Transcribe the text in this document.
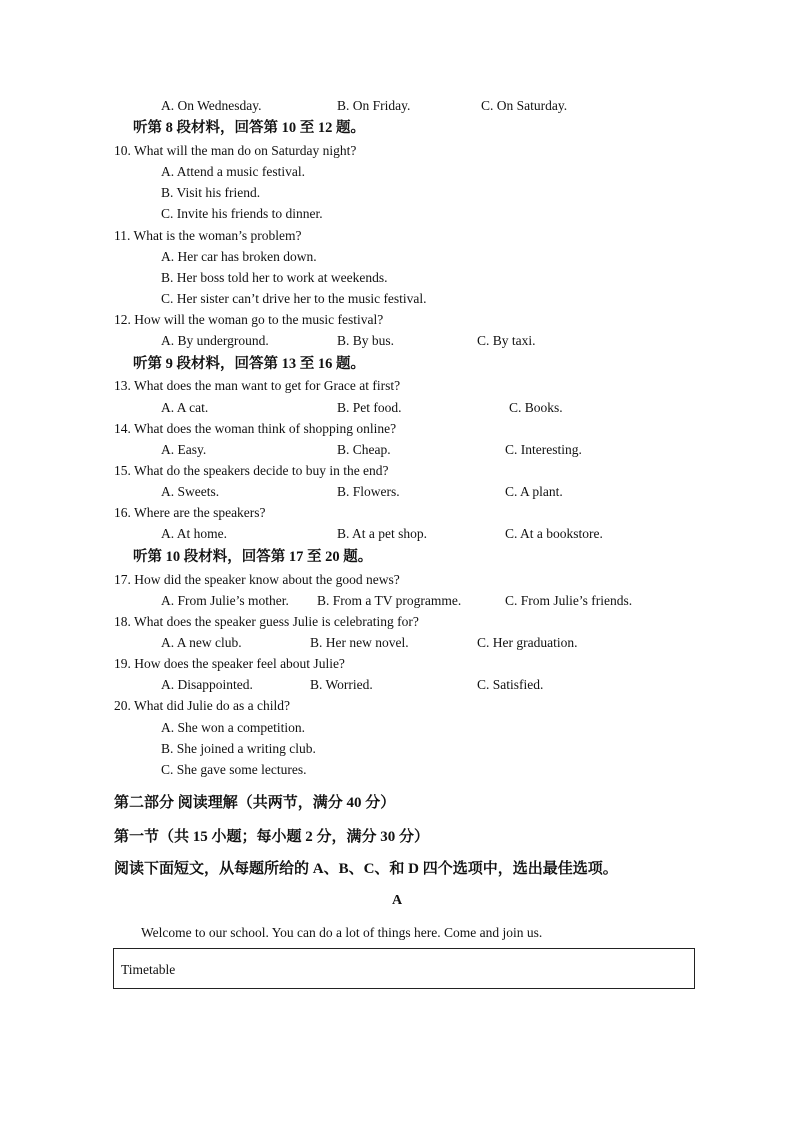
A. On Wednesday.	B. On Friday.	C. On Saturday.
听第 8 段材料，回答第 10 至 12 题。
10. What will the man do on Saturday night?
A. Attend a music festival.
B. Visit his friend.
C. Invite his friends to dinner.
11. What is the woman’s problem?
A. Her car has broken down.
B. Her boss told her to work at weekends.
C. Her sister can’t drive her to the music festival.
12. How will the woman go to the music festival?
A. By underground.	B. By bus.	C. By taxi.
听第 9 段材料，回答第 13 至 16 题。
13. What does the man want to get for Grace at first?
A. A cat.	B. Pet food.	C. Books.
14. What does the woman think of shopping online?
A. Easy.	B. Cheap.	C. Interesting.
15. What do the speakers decide to buy in the end?
A. Sweets.	B. Flowers.	C. A plant.
16. Where are the speakers?
A. At home.	B. At a pet shop.	C. At a bookstore.
听第 10 段材料，回答第 17 至 20 题。
17. How did the speaker know about the good news?
A. From Julie’s mother. B. From a TV programme.	C. From Julie’s friends.
18. What does the speaker guess Julie is celebrating for?
A. A new club.	B. Her new novel.	C. Her graduation.
19. How does the speaker feel about Julie?
A. Disappointed.	B. Worried.	C. Satisfied.
20. What did Julie do as a child?
A. She won a competition.
B. She joined a writing club.
C. She gave some lectures.
第二部分 阅读理解（共两节，满分 40 分）
第一节（共 15 小题；每小题 2 分，满分 30 分）
阅读下面短文，从每题所给的 A、B、C、和 D 四个选项中，选出最佳选项。
A
Welcome to our school. You can do a lot of things here. Come and join us.
Timetable
